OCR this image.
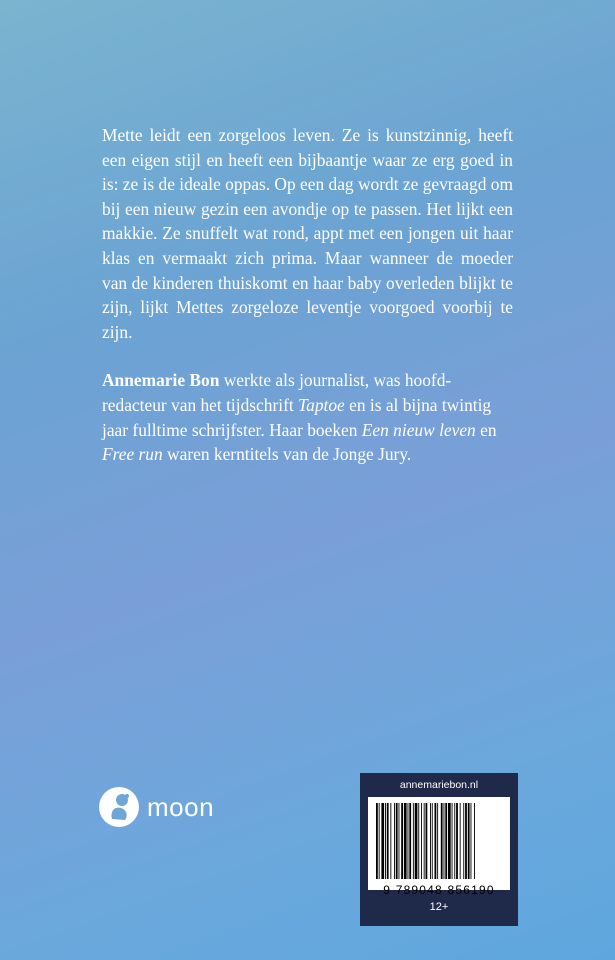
Mette leidt een zorgeloos leven. Ze is kunstzinnig, heeft een eigen stijl en heeft een bijbaantje waar ze erg goed in is: ze is de ideale oppas. Op een dag wordt ze gevraagd om bij een nieuw gezin een avondje op te passen. Het lijkt een makkie. Ze snuffelt wat rond, appt met een jongen uit haar klas en vermaakt zich prima. Maar wanneer de moeder van de kinderen thuiskomt en haar baby overleden blijkt te zijn, lijkt Mettes zorgeloze leventje voorgoed voorbij te zijn.

Annemarie Bon werkte als journalist, was hoofd-redacteur van het tijdschrift Taptoe en is al bijna twintig jaar fulltime schrijfster. Haar boeken Een nieuw leven en Free run waren kerntitels van de Jonge Jury.

moon
annemariebon.nl
9 789048 856190
12+
